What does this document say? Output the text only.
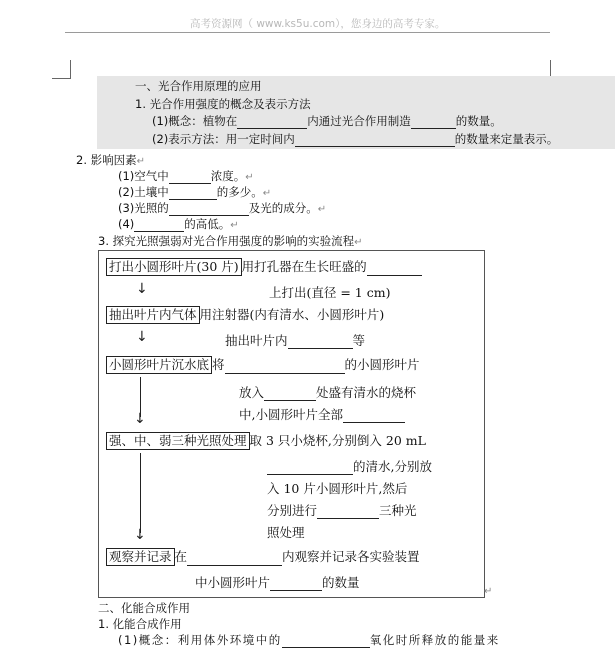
高考资源网（ www.ks5u.com），您身边的高考专家。
一、光合作用原理的应用
1. 光合作用强度的概念及表示方法
(1)概念：植物在	内通过光合作用制造	的数量。
(2)表示方法：用一定时间内	的数量来定量表示。
2. 影响因素↵
(1)空气中	浓度。↵
(2)土壤中	的多少。↵
(3)光照的	及光的成分。↵
(4)	的高低。↵
3. 探究光照强弱对光合作用强度的影响的实验流程↵
打出小圆形叶片(30 片) 用打孔器在生长旺盛的
↓	上打出(直径 = 1 cm)
抽出叶片内气体 用注射器(内有清水、小圆形叶片)
↓	抽出叶片内	等
小圆形叶片沉水底 将	的小圆形叶片
放入	处盛有清水的烧杯
中,小圆形叶片全部
↓
强、中、弱三种光照处理 取 3 只小烧杯,分别倒入 20 mL
的清水,分别放
入 10 片小圆形叶片,然后
分别进行	三种光
照处理
↓
观察并记录 在	内观察并记录各实验装置
中小圆形叶片	的数量
↵
二、化能合成作用
1. 化能合成作用
(1)概念：利用体外环境中的	氧化时所释放的能量来
